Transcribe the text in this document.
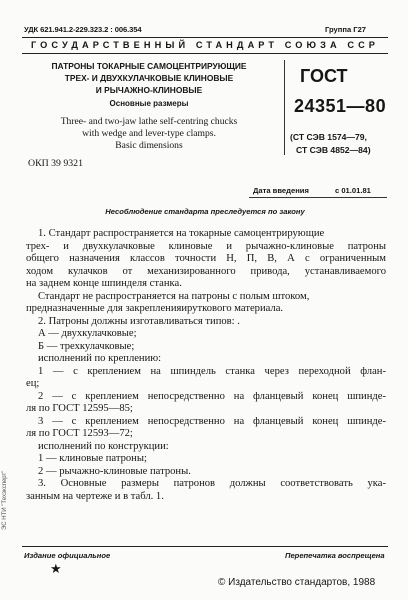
УДК 621.941.2-229.323.2 : 006.354	Группа Г27
ГОСУДАРСТВЕННЫЙ СТАНДАРТ СОЮЗА ССР
ПАТРОНЫ ТОКАРНЫЕ САМОЦЕНТРИРУЮЩИЕ
ТРЕХ- И ДВУХКУЛАЧКОВЫЕ КЛИНОВЫЕ
И РЫЧАЖНО-КЛИНОВЫЕ
Основные размеры
Three- and two-jaw lathe self-centring chucks
with wedge and lever-type clamps.
Basic dimensions
ГОСТ
24351—80
(СТ СЭВ 1574—79,
СТ СЭВ 4852—84)
ОКП 39 9321
Дата введения	с 01.01.81
Несоблюдение стандарта преследуется по закону
1. Стандарт распространяется на токарные самоцентрирующие
трех- и двухкулачковые клиновые и рычажно-клиновые патроны
общего назначения классов точности Н, П, В, А с ограниченным
ходом кулачков от механизированного привода, устанавливаемого
на заднем конце шпинделя станка.
Стандарт не распространяется на патроны с полым штоком,
предназначенные для закрепленияируткового материала.
2. Патроны должны изготавливаться типов: .
А — двухкулачковые;
Б — трехкулачковые;
исполнений по креплению:
1 — с креплением на шпиндель станка через переходной флан-
ец;
2 — с креплением непосредственно на фланцевый конец шпинде-
ля по ГОСТ 12595—85;
3 — с креплением непосредственно на фланцевый конец шпинде-
ля по ГОСТ 12593—72;
исполнений по конструкции:
1 — клиновые патроны;
2 — рычажно-клиновые патроны.
3. Основные размеры патронов должны соответствовать ука-
занным на чертеже и в табл. 1.
ЭС НТИ "Техэксперт"
Издание официальное	Перепечатка воспрещена
★
© Издательство стандартов, 1988
